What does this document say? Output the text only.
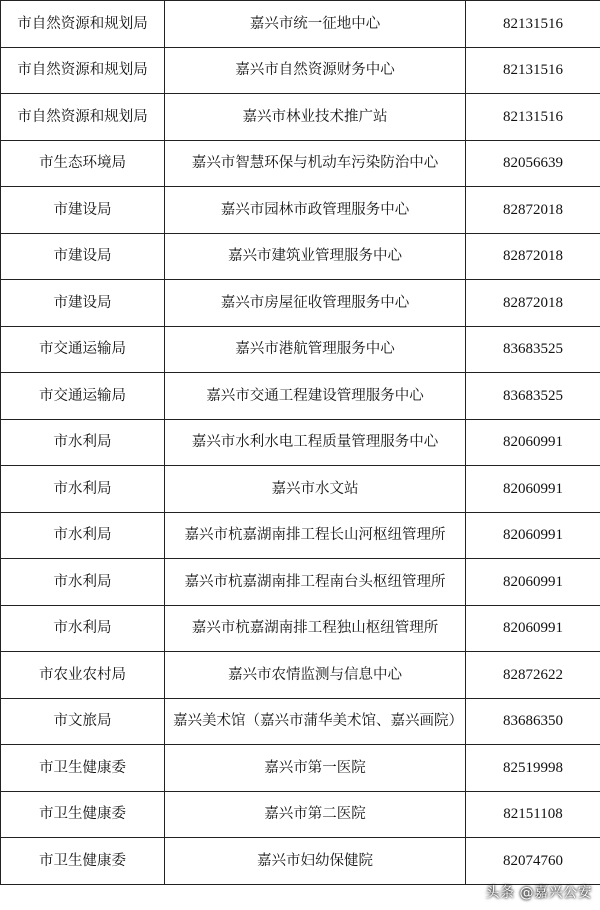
市自然资源和规划局	嘉兴市统一征地中心	82131516
市自然资源和规划局	嘉兴市自然资源财务中心	82131516
市自然资源和规划局	嘉兴市林业技术推广站	82131516
市生态环境局	嘉兴市智慧环保与机动车污染防治中心	82056639
市建设局	嘉兴市园林市政管理服务中心	82872018
市建设局	嘉兴市建筑业管理服务中心	82872018
市建设局	嘉兴市房屋征收管理服务中心	82872018
市交通运输局	嘉兴市港航管理服务中心	83683525
市交通运输局	嘉兴市交通工程建设管理服务中心	83683525
市水利局	嘉兴市水利水电工程质量管理服务中心	82060991
市水利局	嘉兴市水文站	82060991
市水利局	嘉兴市杭嘉湖南排工程长山河枢纽管理所	82060991
市水利局	嘉兴市杭嘉湖南排工程南台头枢纽管理所	82060991
市水利局	嘉兴市杭嘉湖南排工程独山枢纽管理所	82060991
市农业农村局	嘉兴市农情监测与信息中心	82872622
市文旅局	嘉兴美术馆（嘉兴市蒲华美术馆、嘉兴画院）	83686350
市卫生健康委	嘉兴市第一医院	82519998
市卫生健康委	嘉兴市第二医院	82151108
市卫生健康委	嘉兴市妇幼保健院	82074760
头条 @嘉兴公安
